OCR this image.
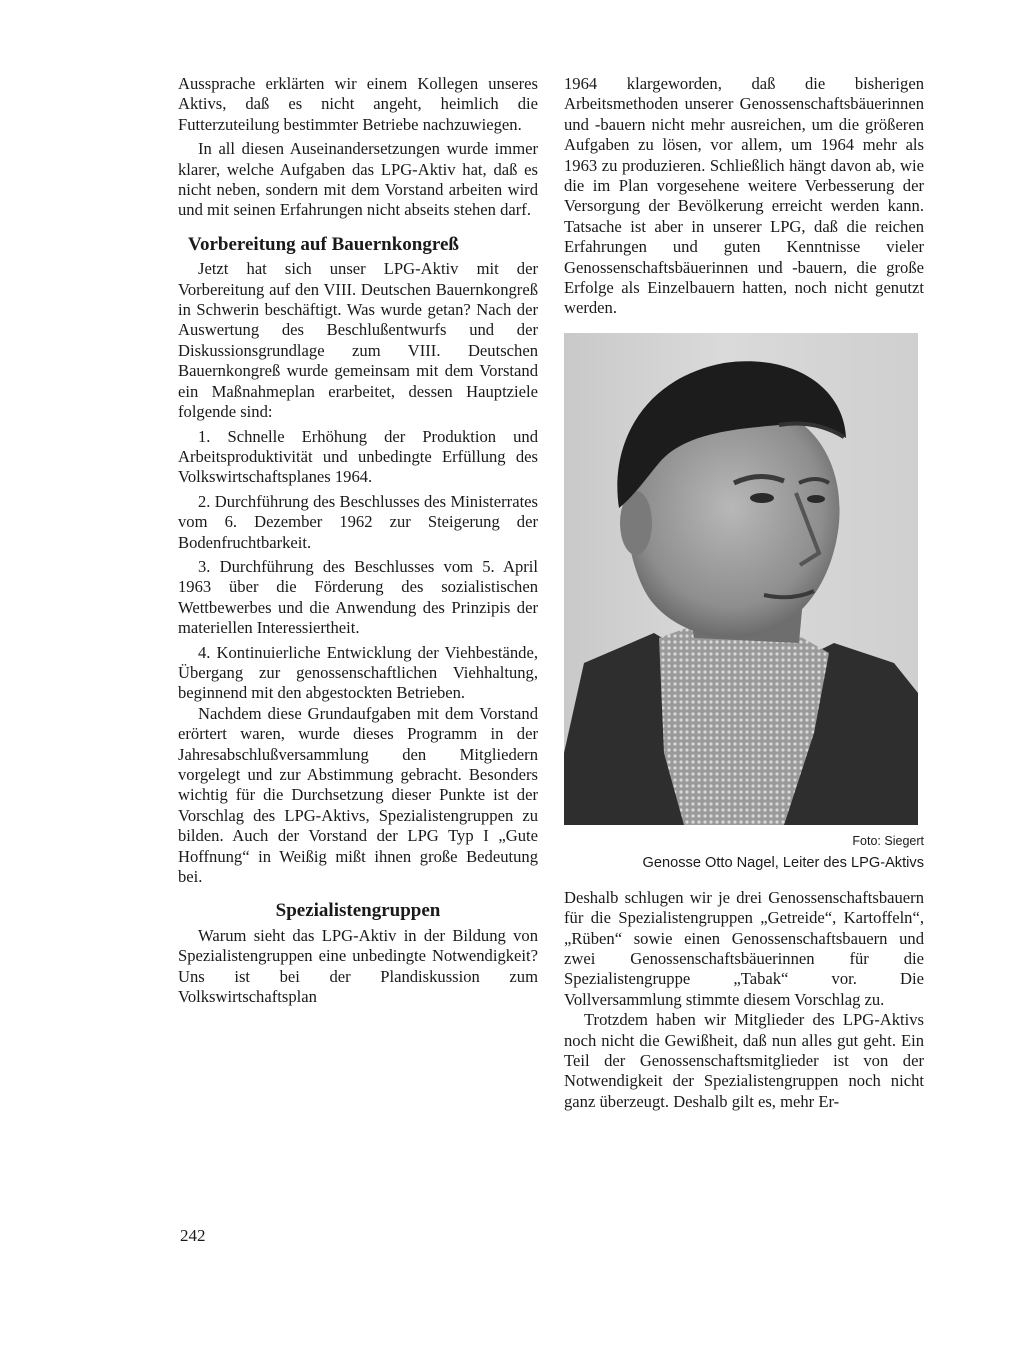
Aussprache erklärten wir einem Kollegen unseres Aktivs, daß es nicht angeht, heimlich die Futterzuteilung bestimmter Betriebe nachzuwiegen.

In all diesen Auseinandersetzungen wurde immer klarer, welche Aufgaben das LPG-Aktiv hat, daß es nicht neben, sondern mit dem Vorstand arbeiten wird und mit seinen Erfahrungen nicht abseits stehen darf.

Vorbereitung auf Bauernkongreß

Jetzt hat sich unser LPG-Aktiv mit der Vorbereitung auf den VIII. Deutschen Bauernkongreß in Schwerin beschäftigt. Was wurde getan? Nach der Auswertung des Beschlußentwurfs und der Diskussionsgrundlage zum VIII. Deutschen Bauernkongreß wurde gemeinsam mit dem Vorstand ein Maßnahmeplan erarbeitet, dessen Hauptziele folgende sind:

1. Schnelle Erhöhung der Produktion und Arbeitsproduktivität und unbedingte Erfüllung des Volkswirtschaftsplanes 1964.

2. Durchführung des Beschlusses des Ministerrates vom 6. Dezember 1962 zur Steigerung der Bodenfruchtbarkeit.

3. Durchführung des Beschlusses vom 5. April 1963 über die Förderung des sozialistischen Wettbewerbes und die Anwendung des Prinzipis der materiellen Interessiertheit.

4. Kontinuierliche Entwicklung der Viehbestände, Übergang zur genossenschaftlichen Viehhaltung, beginnend mit den abgestockten Betrieben.

Nachdem diese Grundaufgaben mit dem Vorstand erörtert waren, wurde dieses Programm in der Jahresabschlußversammlung den Mitgliedern vorgelegt und zur Abstimmung gebracht. Besonders wichtig für die Durchsetzung dieser Punkte ist der Vorschlag des LPG-Aktivs, Spezialistengruppen zu bilden. Auch der Vorstand der LPG Typ I „Gute Hoffnung“ in Weißig mißt ihnen große Bedeutung bei.

Spezialistengruppen

Warum sieht das LPG-Aktiv in der Bildung von Spezialistengruppen eine unbedingte Notwendigkeit? Uns ist bei der Plandiskussion zum Volkswirtschaftsplan

1964 klargeworden, daß die bisherigen Arbeitsmethoden unserer Genossenschaftsbäuerinnen und -bauern nicht mehr ausreichen, um die größeren Aufgaben zu lösen, vor allem, um 1964 mehr als 1963 zu produzieren. Schließlich hängt davon ab, wie die im Plan vorgesehene weitere Verbesserung der Versorgung der Bevölkerung erreicht werden kann. Tatsache ist aber in unserer LPG, daß die reichen Erfahrungen und guten Kenntnisse vieler Genossenschaftsbäuerinnen und -bauern, die große Erfolge als Einzelbauern hatten, noch nicht genutzt werden.

Foto: Siegert

Genosse Otto Nagel, Leiter des LPG-Aktivs

Deshalb schlugen wir je drei Genossenschaftsbauern für die Spezialistengruppen „Getreide“, Kartoffeln“, „Rüben“ sowie einen Genossenschaftsbauern und zwei Genossenschaftsbäuerinnen für die Spezialistengruppe „Tabak“ vor. Die Vollversammlung stimmte diesem Vorschlag zu.

Trotzdem haben wir Mitglieder des LPG-Aktivs noch nicht die Gewißheit, daß nun alles gut geht. Ein Teil der Genossenschaftsmitglieder ist von der Notwendigkeit der Spezialistengruppen noch nicht ganz überzeugt. Deshalb gilt es, mehr Er-

242
